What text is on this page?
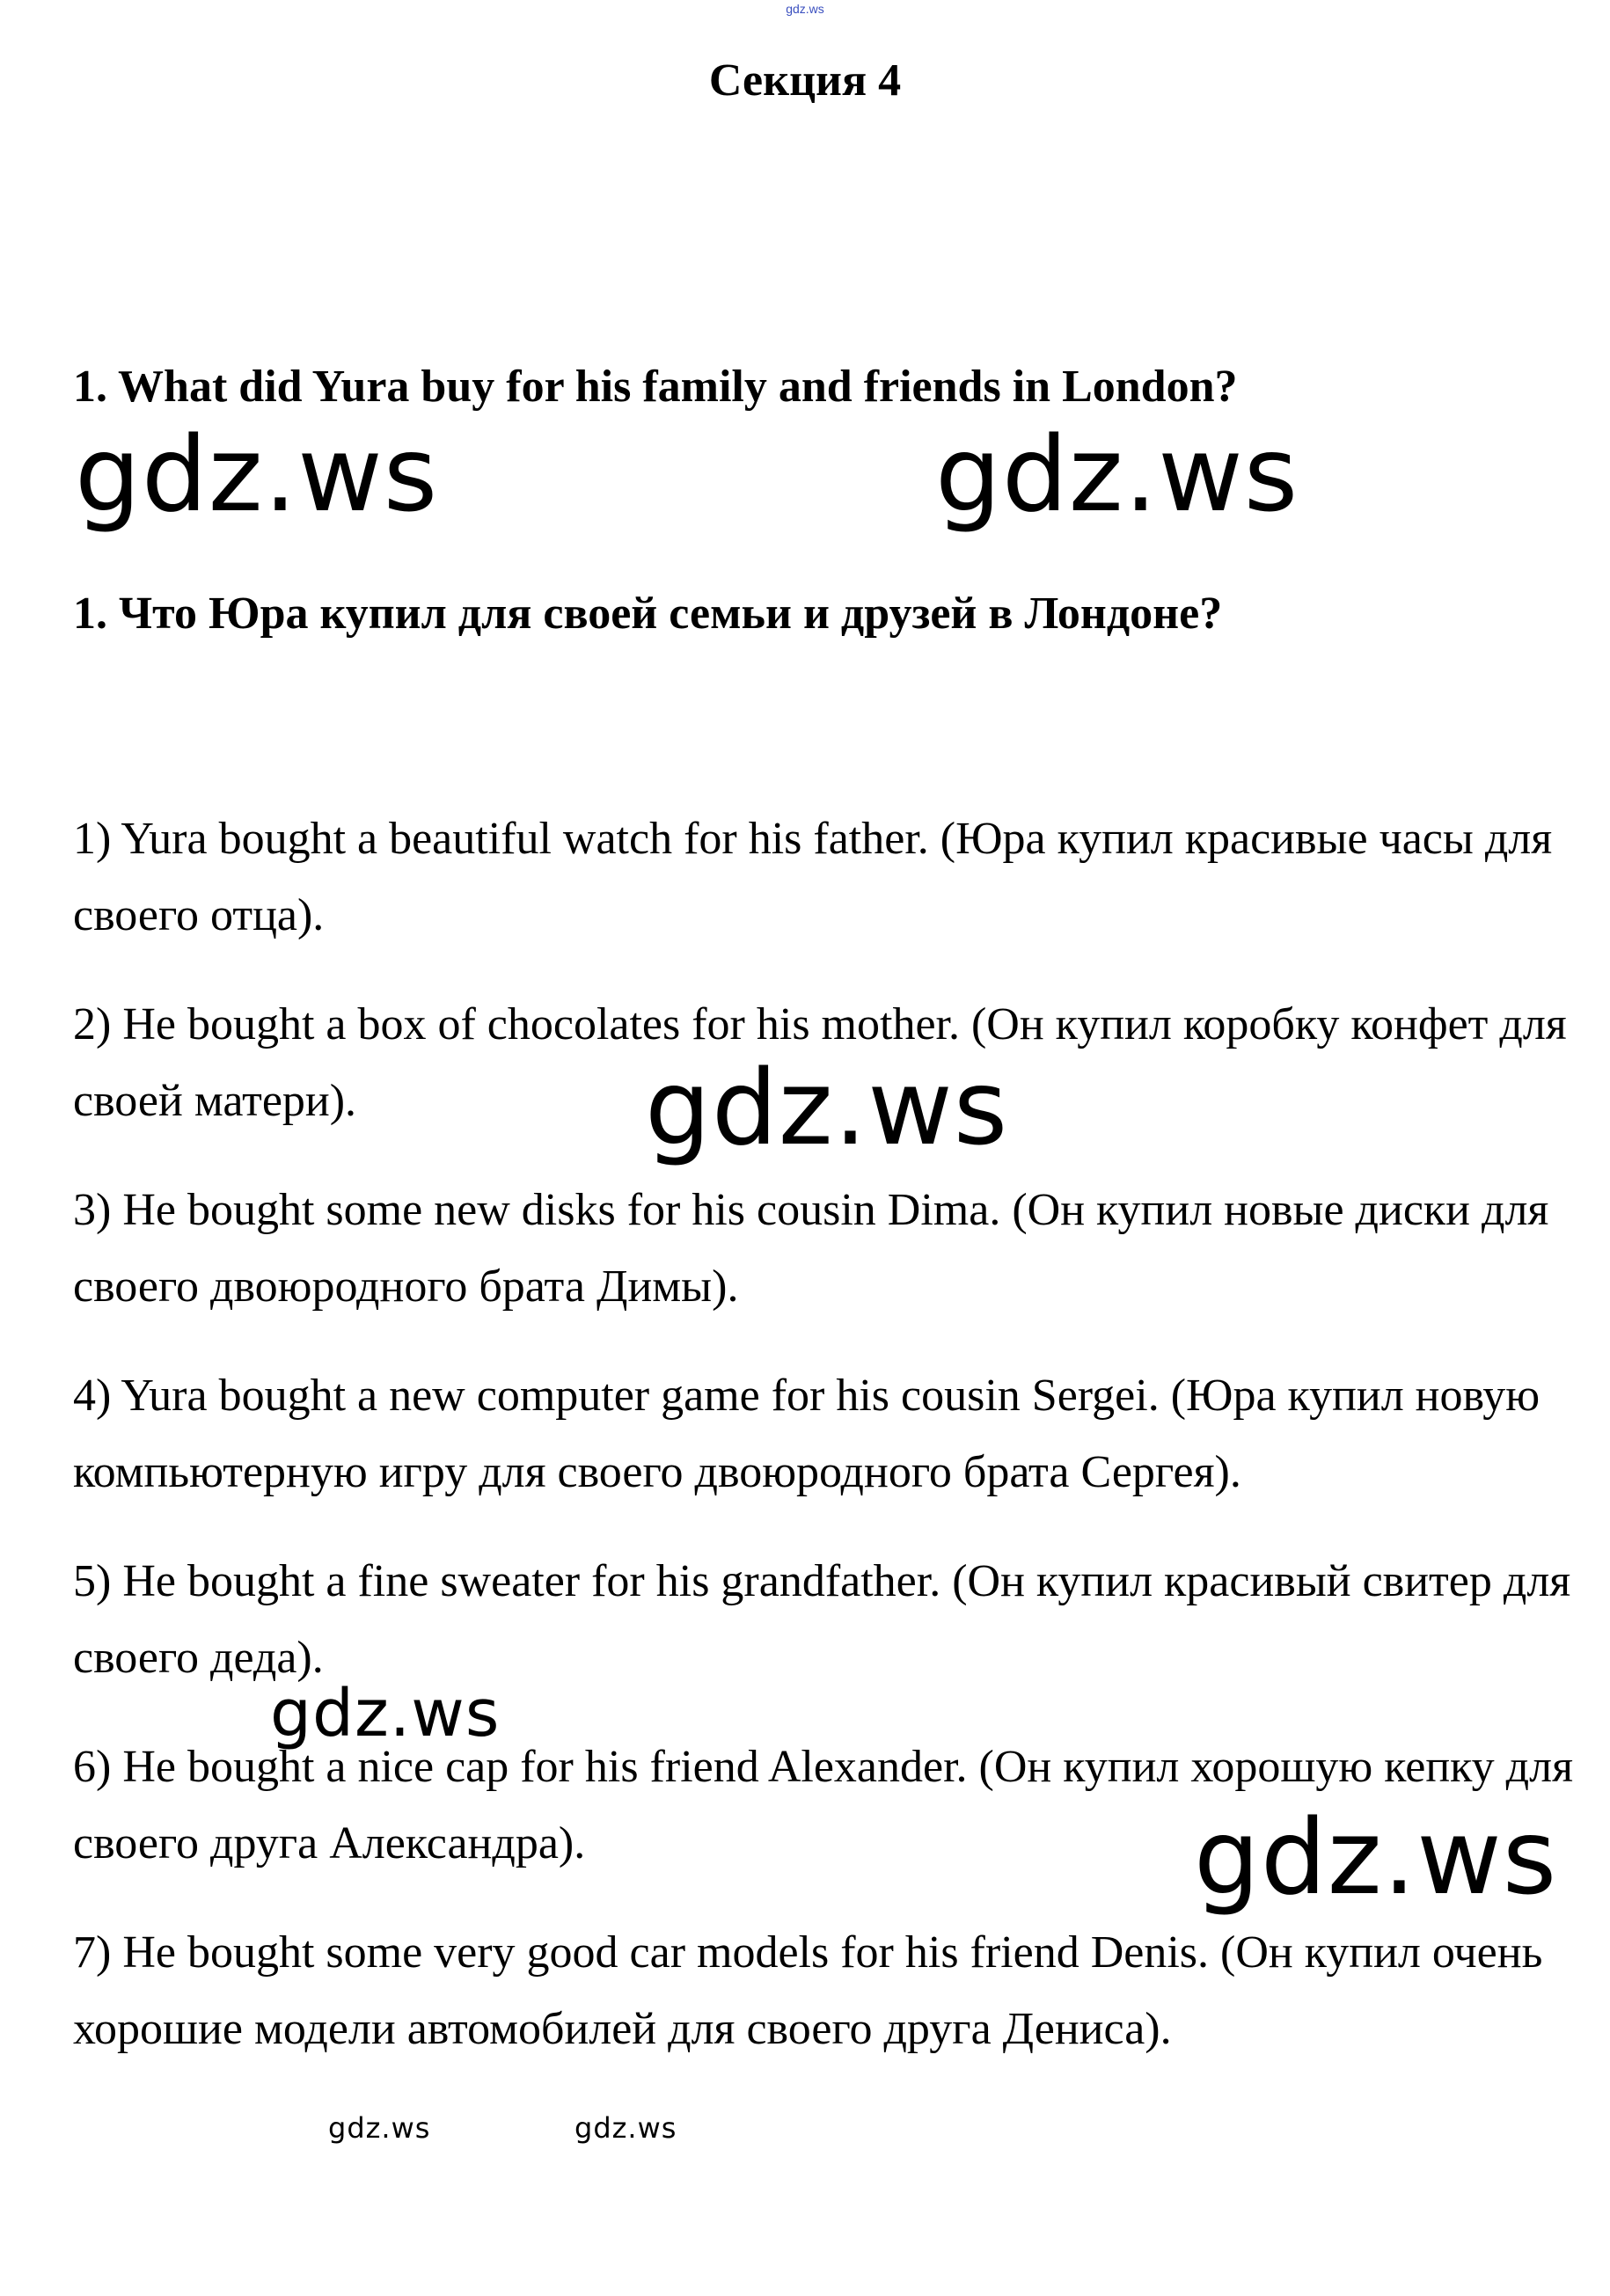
gdz.ws
Секция 4
1. What did Yura buy for his family and friends in London?
1. Что Юра купил для своей семьи и друзей в Лондоне?
1) Yura bought a beautiful watch for his father. (Юра купил красивые часы для своего отца).
2) He bought a box of chocolates for his mother. (Он купил коробку конфет для своей матери).
3) He bought some new disks for his cousin Dima. (Он купил новые диски для своего двоюродного брата Димы).
4) Yura bought a new computer game for his cousin Sergei. (Юра купил новую компьютерную игру для своего двоюродного брата Сергея).
5) He bought a fine sweater for his grandfather. (Он купил красивый свитер для своего деда).
6) He bought a nice cap for his friend Alexander. (Он купил хорошую кепку для своего друга Александра).
7) He bought some very good car models for his friend Denis. (Он купил очень хорошие модели автомобилей для своего друга Дениса).
gdz.ws	gdz.ws
gdz.ws
gdz.ws
gdz.ws
gdz.ws	gdz.ws
